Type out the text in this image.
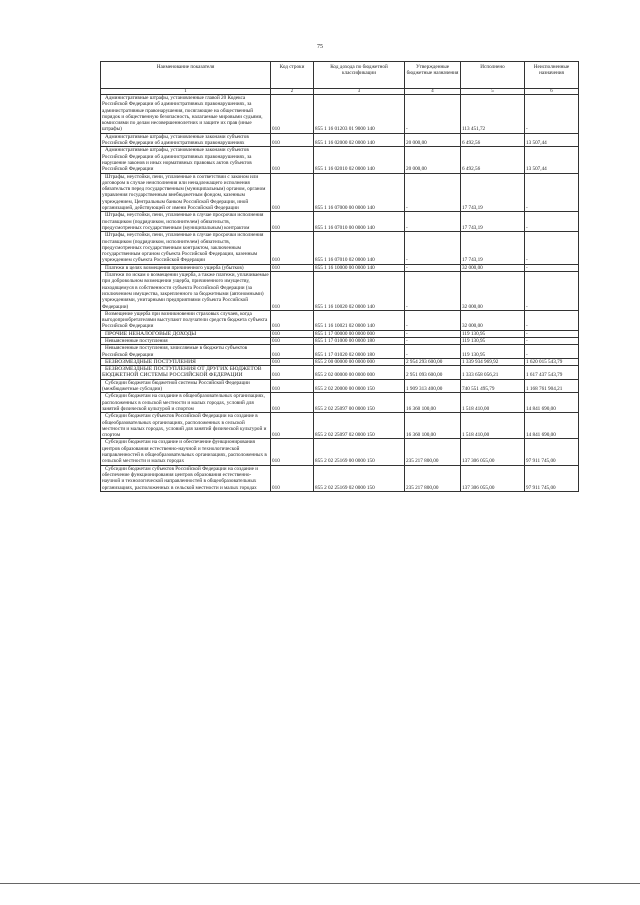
75
Наименование показателя	Код строки	Код дохода по бюджетной классификации	Утвержденные бюджетные назначения	Исполнено	Неисполненные назначения
1	2	3	4	5	6
Административные штрафы, установленные главой 20 Кодекса Российской Федерации об административных правонарушениях, за административные правонарушения, посягающие на общественный порядок и общественную безопасность, налагаемые мировыми судьями, комиссиями по делам несовершеннолетних и защите их прав (иные штрафы)	010	855 1 16 01203 01 9000 140	-	113 451,72	-
Административные штрафы, установленные законами субъектов Российской Федерации об административных правонарушениях	010	855 1 16 02000 02 0000 140	20 000,00	6 492,56	13 507,44
Административные штрафы, установленные законами субъектов Российской Федерации об административных правонарушениях, за нарушение законов и иных нормативных правовых актов субъектов Российской Федерации	010	855 1 16 02010 02 0000 140	20 000,00	6 492,56	13 507,44
Штрафы, неустойки, пени, уплаченные в соответствии с законом или договором в случае неисполнения или ненадлежащего исполнения обязательств перед государственным (муниципальным) органом, органом управления государственным внебюджетным фондом, казенным учреждением, Центральным банком Российской Федерации, иной организацией, действующей от имени Российской Федерации	010	855 1 16 07000 00 0000 140	-	17 743,19	-
Штрафы, неустойки, пени, уплаченные в случае просрочки исполнения поставщиком (подрядчиком, исполнителем) обязательств, предусмотренных государственным (муниципальным) контрактом	010	855 1 16 07010 00 0000 140	-	17 743,19	-
Штрафы, неустойки, пени, уплаченные в случае просрочки исполнения поставщиком (подрядчиком, исполнителем) обязательств, предусмотренных государственным контрактом, заключенным государственным органом субъекта Российской Федерации, казенным учреждением субъекта Российской Федерации	010	855 1 16 07010 02 0000 140	-	17 743,19	-
Платежи в целях возмещения причиненного ущерба (убытков)	010	855 1 16 10000 00 0000 140	-	32 000,00	-
Платежи по искам о возмещении ущерба, а также платежи, уплачиваемые при добровольном возмещении ущерба, причиненного имуществу, находящемуся в собственности субъекта Российской Федерации (за исключением имущества, закрепленного за бюджетными (автономными) учреждениями, унитарными предприятиями субъекта Российской Федерации)	010	855 1 16 10020 02 0000 140	-	32 000,00	-
Возмещение ущерба при возникновении страховых случаев, когда выгодоприобретателями выступают получатели средств бюджета субъекта Российской Федерации	010	855 1 16 10021 02 0000 140	-	32 000,00	-
ПРОЧИЕ НЕНАЛОГОВЫЕ ДОХОДЫ	010	855 1 17 00000 00 0000 000	-	119 130,95	-
Невыясненные поступления	010	855 1 17 01000 00 0000 180	-	119 130,95	-
Невыясненные поступления, зачисляемые в бюджеты субъектов Российской Федерации	010	855 1 17 01020 02 0000 180	-	119 130,95	-
БЕЗВОЗМЕЗДНЫЕ ПОСТУПЛЕНИЯ	010	855 2 00 00000 00 0000 000	2 954 293 600,00	1 339 934 969,92	1 620 015 543,79
БЕЗВОЗМЕЗДНЫЕ ПОСТУПЛЕНИЯ ОТ ДРУГИХ БЮДЖЕТОВ БЮДЖЕТНОЙ СИСТЕМЫ РОССИЙСКОЙ ФЕДЕРАЦИИ	010	855 2 02 00000 00 0000 000	2 951 093 600,00	1 333 658 056,21	1 617 437 543,79
Субсидии бюджетам бюджетной системы Российской Федерации (межбюджетные субсидии)	010	855 2 02 20000 00 0000 150	1 909 313 400,00	740 551 495,79	1 168 761 904,21
Субсидии бюджетам на создание в общеобразовательных организациях, расположенных в сельской местности и малых городах, условий для занятий физической культурой и спортом	010	855 2 02 25097 00 0000 150	16 360 100,00	1 518 410,00	14 841 690,00
Субсидии бюджетам субъектов Российской Федерации на создание в общеобразовательных организациях, расположенных в сельской местности и малых городах, условий для занятий физической культурой и спортом	010	855 2 02 25097 02 0000 150	16 360 100,00	1 518 410,00	14 841 690,00
Субсидии бюджетам на создание и обеспечение функционирования центров образования естественно-научной и технологической направленностей в общеобразовательных организациях, расположенных в сельской местности и малых городах	010	855 2 02 25169 00 0000 150	235 217 800,00	137 306 055,00	97 911 745,00
Субсидии бюджетам субъектов Российской Федерации на создание и обеспечение функционирования центров образования естественно-научной и технологической направленностей в общеобразовательных организациях, расположенных в сельской местности и малых городах	010	855 2 02 25169 02 0000 150	235 217 800,00	137 306 055,00	97 911 745,00
